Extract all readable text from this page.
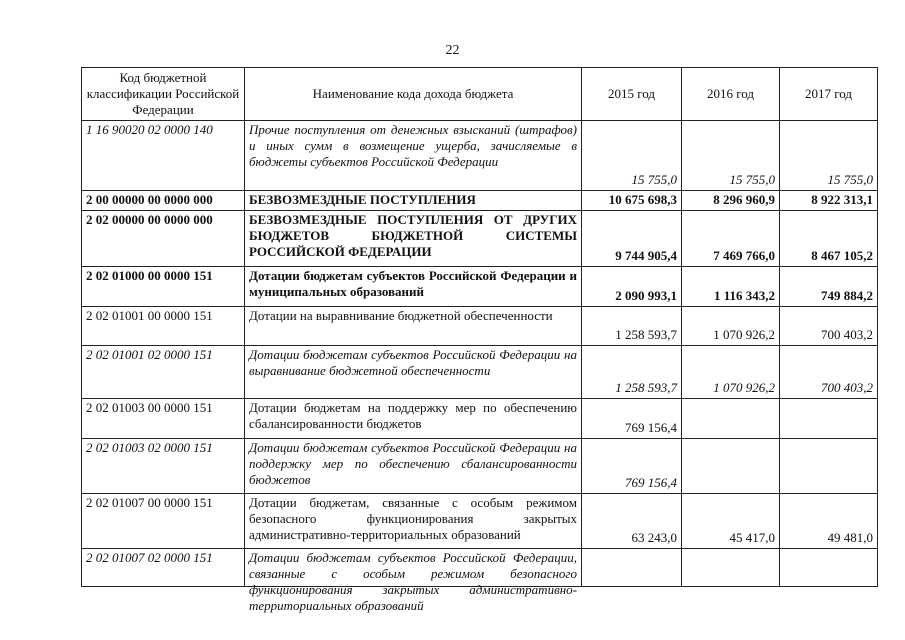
22
Код бюджетной классификации Российской Федерации	Наименование кода дохода бюджета	2015 год	2016 год	2017 год
1 16 90020 02 0000 140	Прочие поступления от денежных взысканий (штрафов) и иных сумм в возмещение ущерба, зачисляемые в бюджеты субъектов Российской Федерации	15 755,0	15 755,0	15 755,0
2 00 00000 00 0000 000	БЕЗВОЗМЕЗДНЫЕ ПОСТУПЛЕНИЯ	10 675 698,3	8 296 960,9	8 922 313,1
2 02 00000 00 0000 000	БЕЗВОЗМЕЗДНЫЕ ПОСТУПЛЕНИЯ ОТ ДРУГИХ БЮДЖЕТОВ БЮДЖЕТНОЙ СИСТЕМЫ РОССИЙСКОЙ ФЕДЕРАЦИИ	9 744 905,4	7 469 766,0	8 467 105,2
2 02 01000 00 0000 151	Дотации бюджетам субъектов Российской Федерации и муниципальных образований	2 090 993,1	1 116 343,2	749 884,2
2 02 01001 00 0000 151	Дотации на выравнивание бюджетной обеспеченности	1 258 593,7	1 070 926,2	700 403,2
2 02 01001 02 0000 151	Дотации бюджетам субъектов Российской Федерации на выравнивание бюджетной обеспеченности	1 258 593,7	1 070 926,2	700 403,2
2 02 01003 00 0000 151	Дотации бюджетам на поддержку мер по обеспечению сбалансированности бюджетов	769 156,4		
2 02 01003 02 0000 151	Дотации бюджетам субъектов Российской Федерации на поддержку мер по обеспечению сбалансированности бюджетов	769 156,4		
2 02 01007 00 0000 151	Дотации бюджетам, связанные с особым режимом безопасного функционирования закрытых административно-территориальных образований	63 243,0	45 417,0	49 481,0
2 02 01007 02 0000 151	Дотации бюджетам субъектов Российской Федерации, связанные с особым режимом безопасного функционирования закрытых административно-территориальных образований			
